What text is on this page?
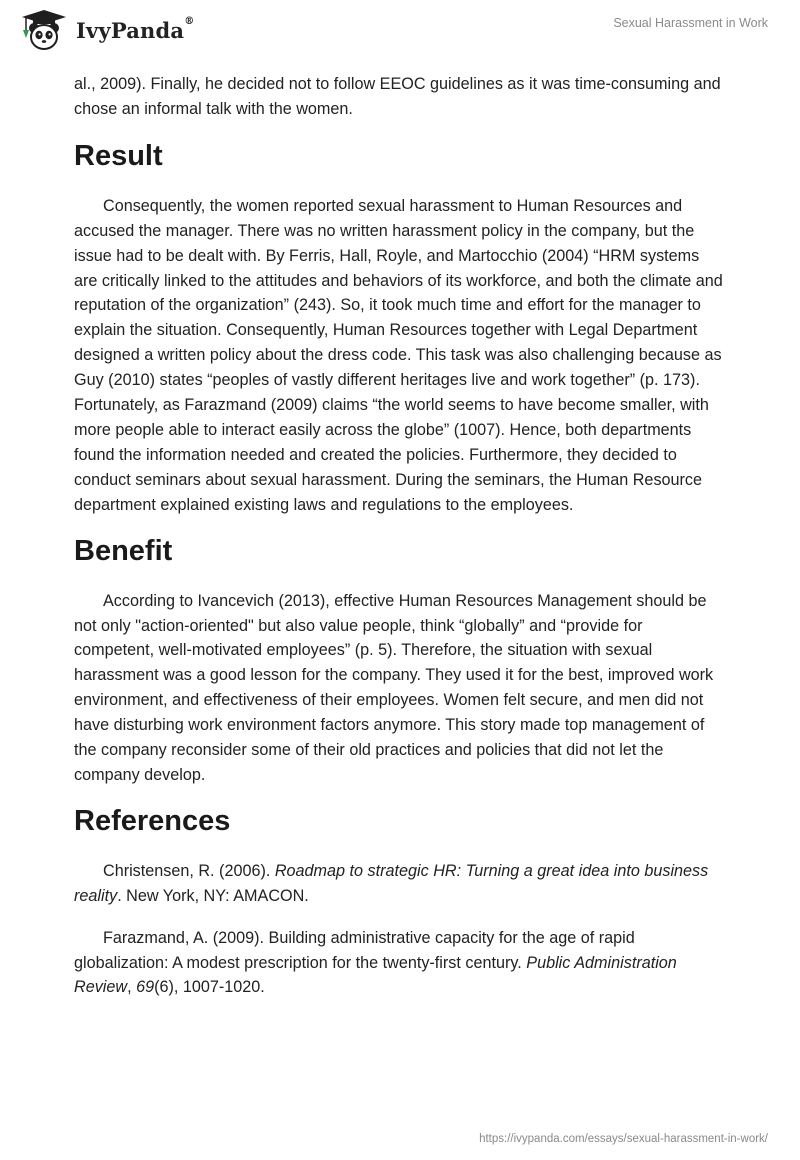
IvyPanda®	Sexual Harassment in Work

al., 2009). Finally, he decided not to follow EEOC guidelines as it was time-consuming and chose an informal talk with the women.

Result

Consequently, the women reported sexual harassment to Human Resources and accused the manager. There was no written harassment policy in the company, but the issue had to be dealt with. By Ferris, Hall, Royle, and Martocchio (2004) “HRM systems are critically linked to the attitudes and behaviors of its workforce, and both the climate and reputation of the organization” (243). So, it took much time and effort for the manager to explain the situation. Consequently, Human Resources together with Legal Department designed a written policy about the dress code. This task was also challenging because as Guy (2010) states “peoples of vastly different heritages live and work together” (p. 173). Fortunately, as Farazmand (2009) claims “the world seems to have become smaller, with more people able to interact easily across the globe” (1007). Hence, both departments found the information needed and created the policies. Furthermore, they decided to conduct seminars about sexual harassment. During the seminars, the Human Resource department explained existing laws and regulations to the employees.

Benefit

According to Ivancevich (2013), effective Human Resources Management should be not only "action-oriented" but also value people, think “globally” and “provide for competent, well-motivated employees” (p. 5). Therefore, the situation with sexual harassment was a good lesson for the company. They used it for the best, improved work environment, and effectiveness of their employees. Women felt secure, and men did not have disturbing work environment factors anymore. This story made top management of the company reconsider some of their old practices and policies that did not let the company develop.

References

Christensen, R. (2006). Roadmap to strategic HR: Turning a great idea into business reality. New York, NY: AMACON.

Farazmand, A. (2009). Building administrative capacity for the age of rapid globalization: A modest prescription for the twenty-first century. Public Administration Review, 69(6), 1007-1020.

https://ivypanda.com/essays/sexual-harassment-in-work/
